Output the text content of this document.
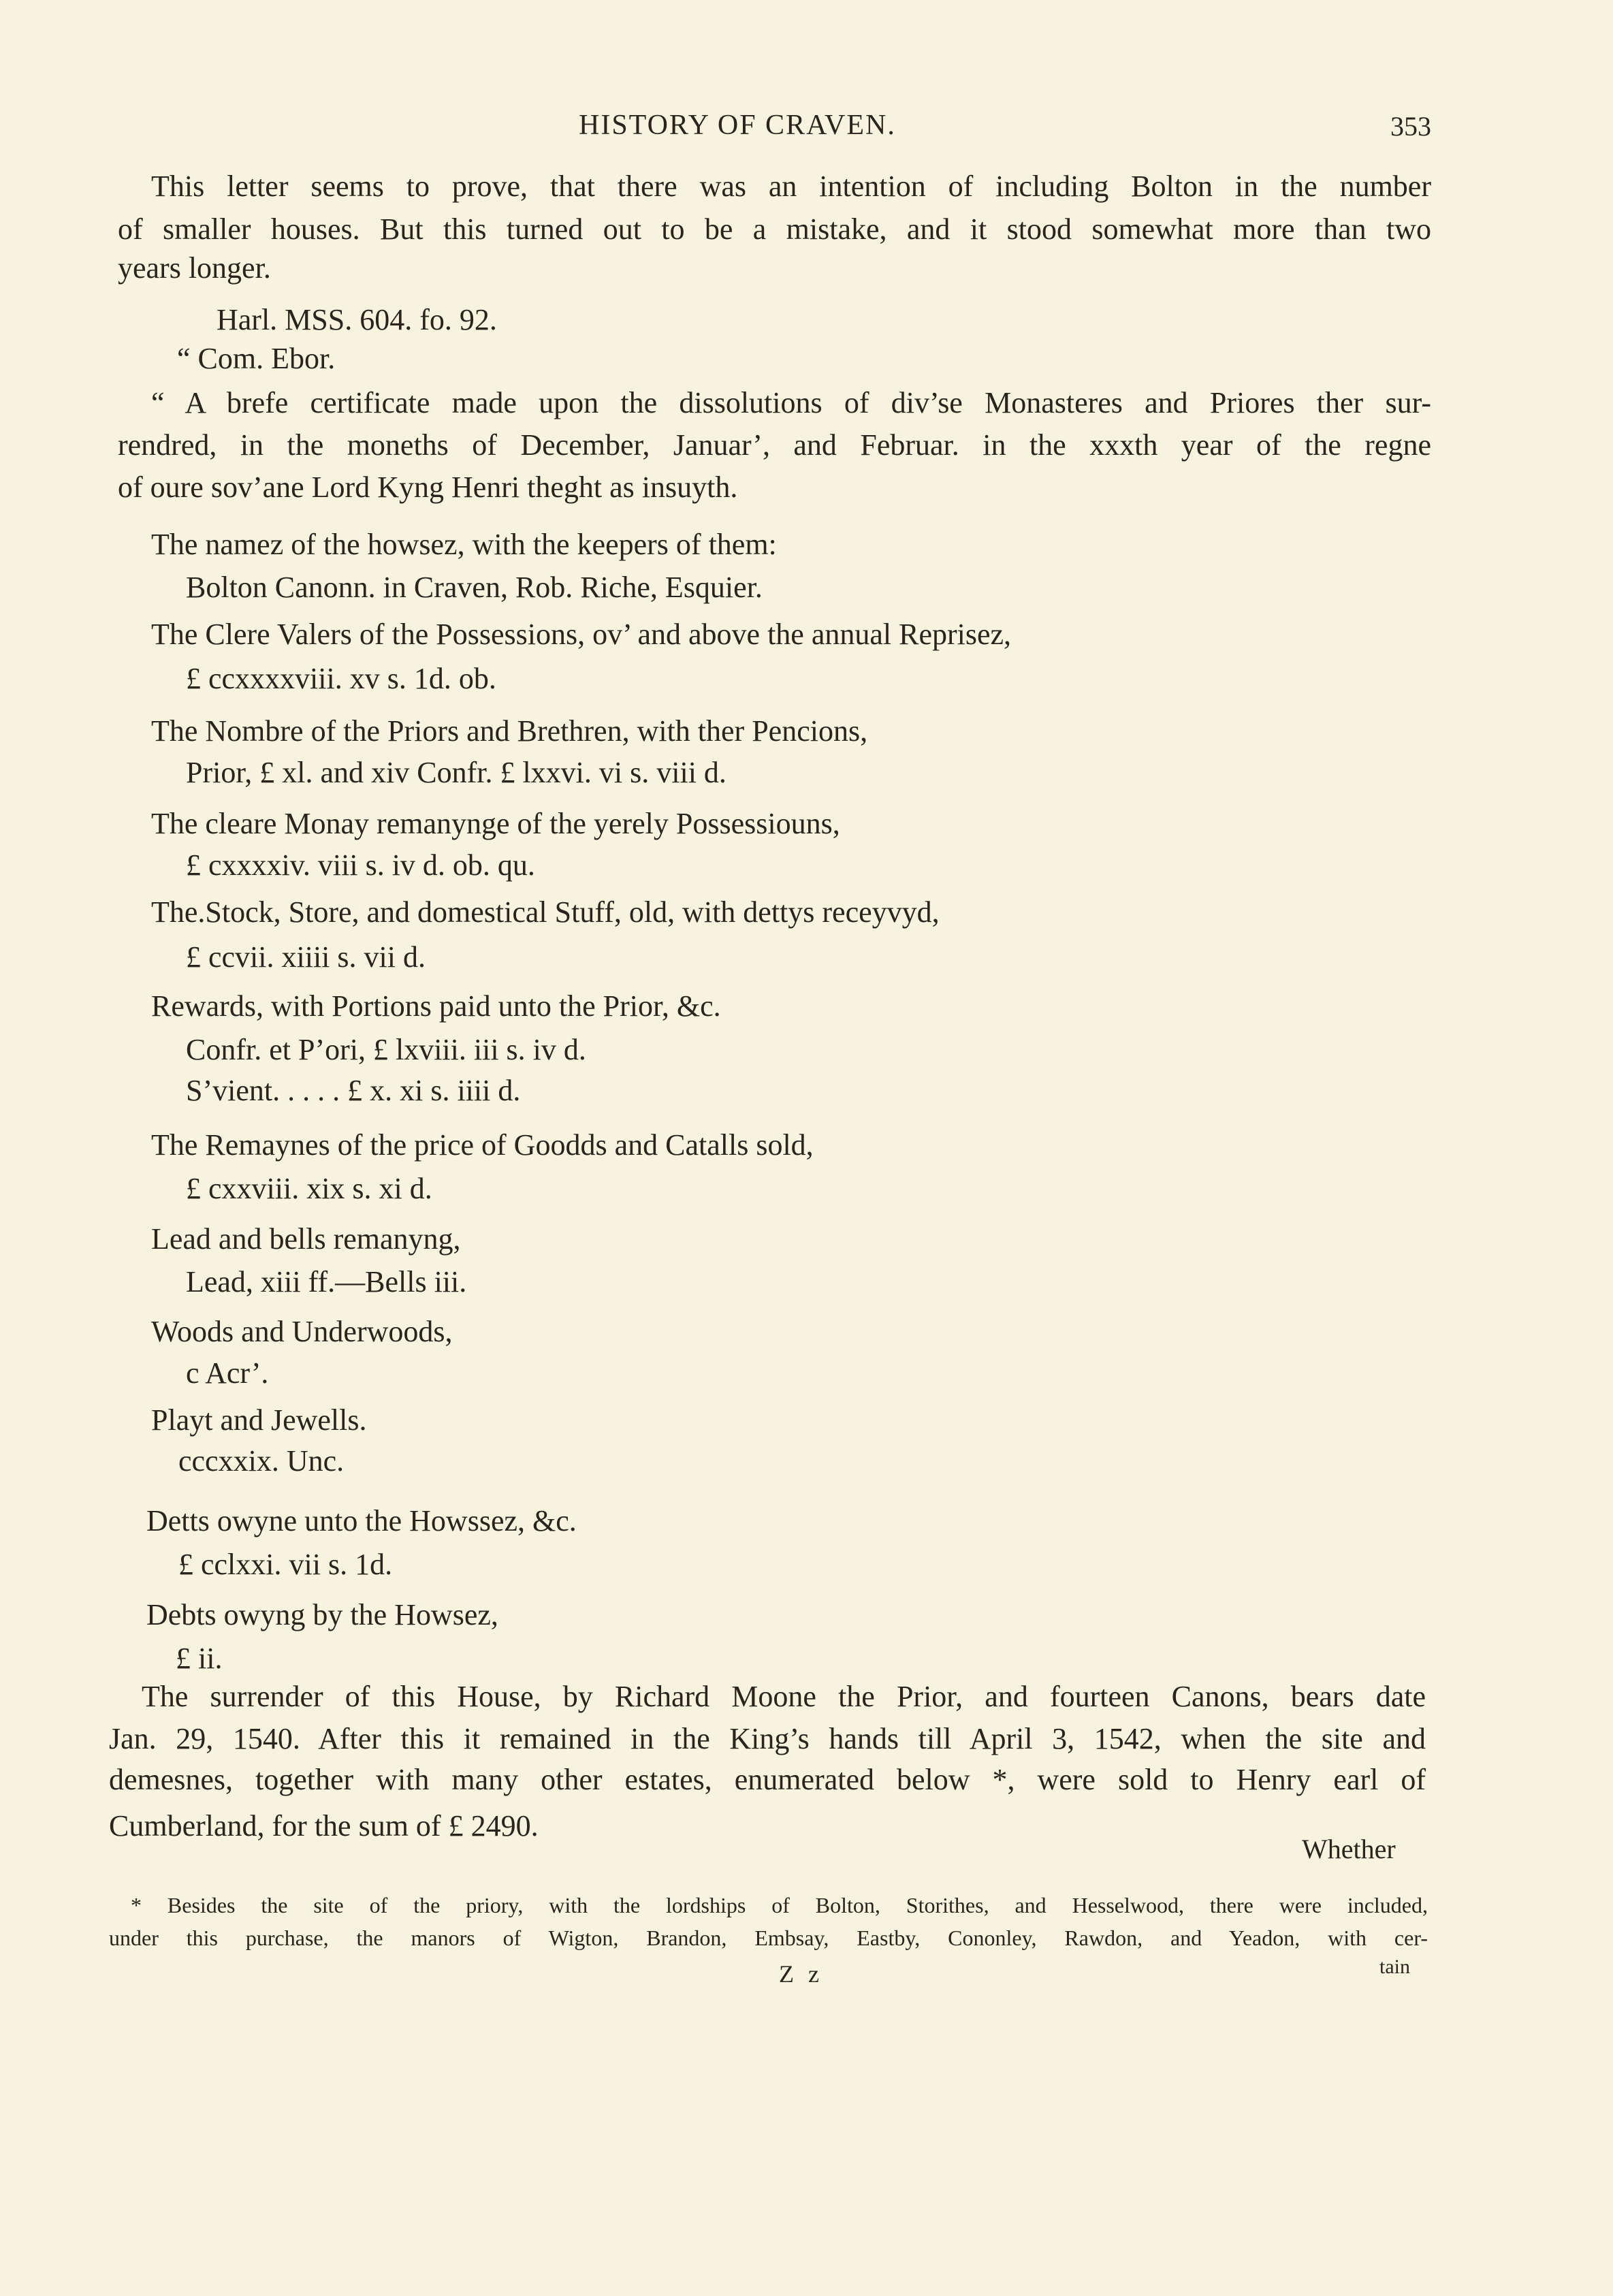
HISTORY OF CRAVEN.	353
This letter seems to prove, that there was an intention of including Bolton in the number
of smaller houses. But this turned out to be a mistake, and it stood somewhat more than two
years longer.
Harl. MSS. 604. fo. 92.
“ Com. Ebor.
“ A brefe certificate made upon the dissolutions of div’se Monasteres and Priores ther sur-
rendred, in the moneths of December, Januar’, and Februar. in the xxxth year of the regne
of oure sov’ane Lord Kyng Henri theght as insuyth.
The namez of the howsez, with the keepers of them:
Bolton Canonn. in Craven, Rob. Riche, Esquier.
The Clere Valers of the Possessions, ov’ and above the annual Reprisez,
£ ccxxxxviii. xv s. 1d. ob.
The Nombre of the Priors and Brethren, with ther Pencions,
Prior, £ xl. and xiv Confr. £ lxxvi. vi s. viii d.
The cleare Monay remanynge of the yerely Possessiouns,
£ cxxxxiv. viii s. iv d. ob. qu.
The.Stock, Store, and domestical Stuff, old, with dettys receyvyd,
£ ccvii. xiiii s. vii d.
Rewards, with Portions paid unto the Prior, &c.
Confr. et P’ori, £ lxviii. iii s. iv d.
S’vient. . . . . £ x. xi s. iiii d.
The Remaynes of the price of Goodds and Catalls sold,
£ cxxviii. xix s. xi d.
Lead and bells remanyng,
Lead, xiii ff.—Bells iii.
Woods and Underwoods,
c Acr’.
Playt and Jewells.
cccxxix. Unc.
Detts owyne unto the Howssez, &c.
£ cclxxi. vii s. 1d.
Debts owyng by the Howsez,
£ ii.
The surrender of this House, by Richard Moone the Prior, and fourteen Canons, bears date
Jan. 29, 1540. After this it remained in the King’s hands till April 3, 1542, when the site and
demesnes, together with many other estates, enumerated below *, were sold to Henry earl of
Cumberland, for the sum of £ 2490.
Whether
* Besides the site of the priory, with the lordships of Bolton, Storithes, and Hesselwood, there were included,
under this purchase, the manors of Wigton, Brandon, Embsay, Eastby, Cononley, Rawdon, and Yeadon, with cer-
Z z	tain
